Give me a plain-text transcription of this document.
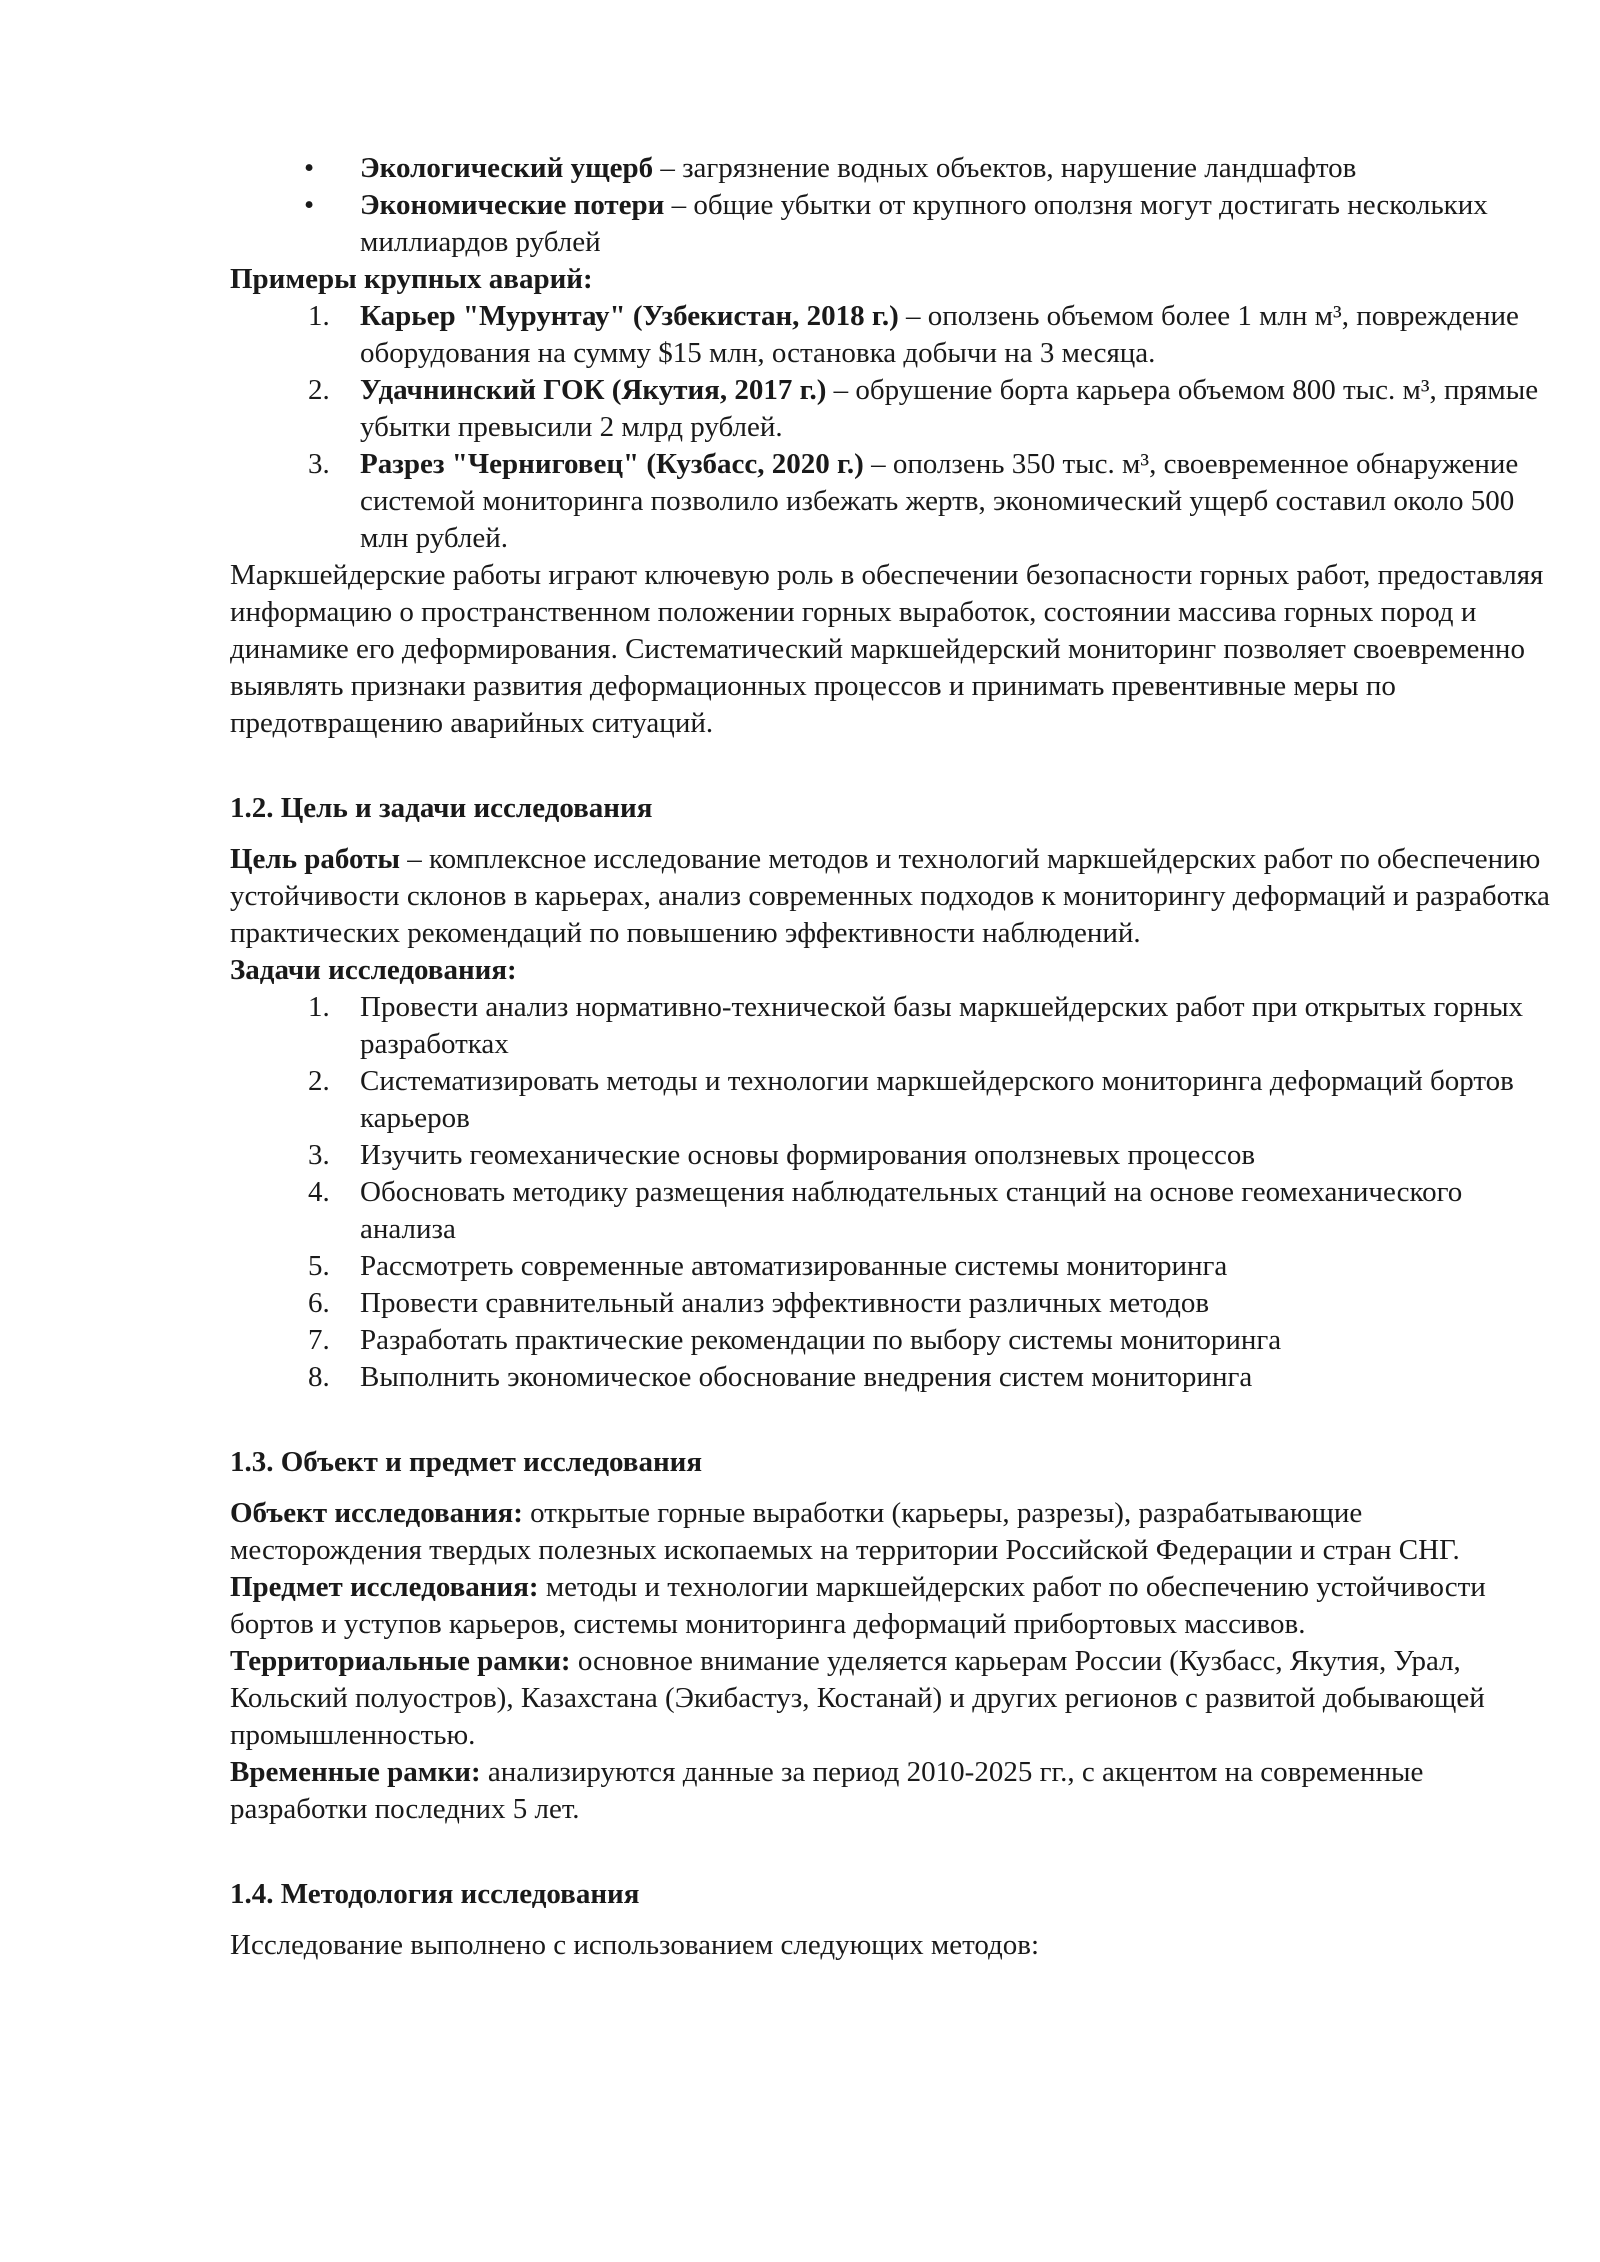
• Экологический ущерб – загрязнение водных объектов, нарушение ландшафтов
• Экономические потери – общие убытки от крупного оползня могут достигать нескольких миллиардов рублей
Примеры крупных аварий:
1. Карьер "Мурунтау" (Узбекистан, 2018 г.) – оползень объемом более 1 млн м³, повреждение оборудования на сумму $15 млн, остановка добычи на 3 месяца.
2. Удачнинский ГОК (Якутия, 2017 г.) – обрушение борта карьера объемом 800 тыс. м³, прямые убытки превысили 2 млрд рублей.
3. Разрез "Черниговец" (Кузбасс, 2020 г.) – оползень 350 тыс. м³, своевременное обнаружение системой мониторинга позволило избежать жертв, экономический ущерб составил около 500 млн рублей.

Маркшейдерские работы играют ключевую роль в обеспечении безопасности горных работ, предоставляя информацию о пространственном положении горных выработок, состоянии массива горных пород и динамике его деформирования. Систематический маркшейдерский мониторинг позволяет своевременно выявлять признаки развития деформационных процессов и принимать превентивные меры по предотвращению аварийных ситуаций.

1.2. Цель и задачи исследования

Цель работы – комплексное исследование методов и технологий маркшейдерских работ по обеспечению устойчивости склонов в карьерах, анализ современных подходов к мониторингу деформаций и разработка практических рекомендаций по повышению эффективности наблюдений.

Задачи исследования:
1. Провести анализ нормативно-технической базы маркшейдерских работ при открытых горных разработках
2. Систематизировать методы и технологии маркшейдерского мониторинга деформаций бортов карьеров
3. Изучить геомеханические основы формирования оползневых процессов
4. Обосновать методику размещения наблюдательных станций на основе геомеханического анализа
5. Рассмотреть современные автоматизированные системы мониторинга
6. Провести сравнительный анализ эффективности различных методов
7. Разработать практические рекомендации по выбору системы мониторинга
8. Выполнить экономическое обоснование внедрения систем мониторинга
1.3. Объект и предмет исследования

Объект исследования: открытые горные выработки (карьеры, разрезы), разрабатывающие месторождения твердых полезных ископаемых на территории Российской Федерации и стран СНГ.

Предмет исследования: методы и технологии маркшейдерских работ по обеспечению устойчивости бортов и уступов карьеров, системы мониторинга деформаций прибортовых массивов.

Территориальные рамки: основное внимание уделяется карьерам России (Кузбасс, Якутия, Урал, Кольский полуостров), Казахстана (Экибастуз, Костанай) и других регионов с развитой добывающей промышленностью.

Временные рамки: анализируются данные за период 2010-2025 гг., с акцентом на современные разработки последних 5 лет.

1.4. Методология исследования

Исследование выполнено с использованием следующих методов:
